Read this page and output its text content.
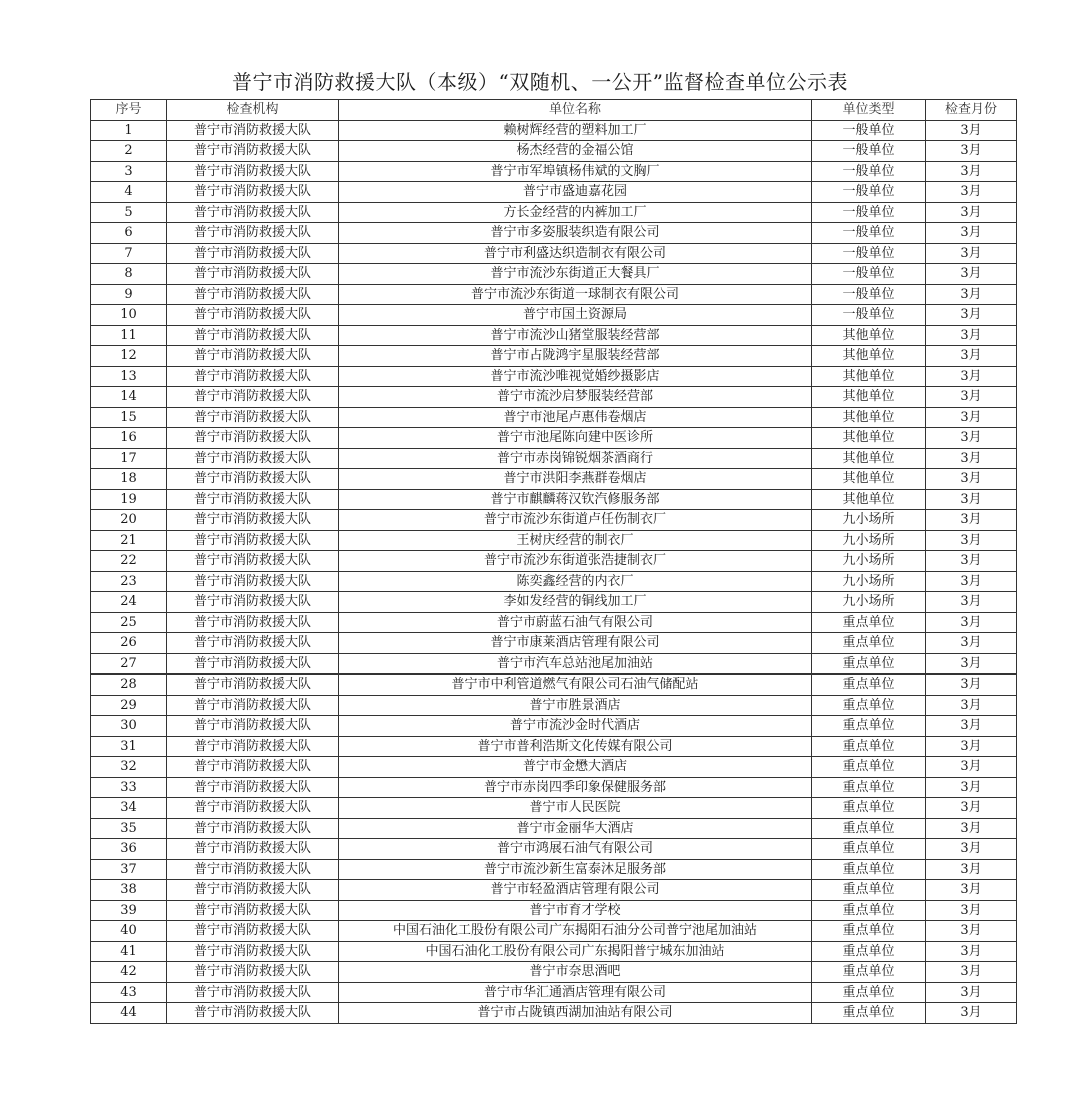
普宁市消防救援大队（本级）“双随机、一公开”监督检查单位公示表
序号	检查机构	单位名称	单位类型	检查月份
1	普宁市消防救援大队	赖树辉经营的塑料加工厂	一般单位	3月
2	普宁市消防救援大队	杨杰经营的金福公馆	一般单位	3月
3	普宁市消防救援大队	普宁市军埠镇杨伟斌的文胸厂	一般单位	3月
4	普宁市消防救援大队	普宁市盛迪嘉花园	一般单位	3月
5	普宁市消防救援大队	方长金经营的内裤加工厂	一般单位	3月
6	普宁市消防救援大队	普宁市多姿服装织造有限公司	一般单位	3月
7	普宁市消防救援大队	普宁市利盛达织造制衣有限公司	一般单位	3月
8	普宁市消防救援大队	普宁市流沙东街道正大餐具厂	一般单位	3月
9	普宁市消防救援大队	普宁市流沙东街道一球制衣有限公司	一般单位	3月
10	普宁市消防救援大队	普宁市国土资源局	一般单位	3月
11	普宁市消防救援大队	普宁市流沙山猪堂服装经营部	其他单位	3月
12	普宁市消防救援大队	普宁市占陇鸿宇星服装经营部	其他单位	3月
13	普宁市消防救援大队	普宁市流沙唯视觉婚纱摄影店	其他单位	3月
14	普宁市消防救援大队	普宁市流沙启梦服装经营部	其他单位	3月
15	普宁市消防救援大队	普宁市池尾卢惠伟卷烟店	其他单位	3月
16	普宁市消防救援大队	普宁市池尾陈向建中医诊所	其他单位	3月
17	普宁市消防救援大队	普宁市赤岗锦锐烟茶酒商行	其他单位	3月
18	普宁市消防救援大队	普宁市洪阳李燕群卷烟店	其他单位	3月
19	普宁市消防救援大队	普宁市麒麟蒋汉钦汽修服务部	其他单位	3月
20	普宁市消防救援大队	普宁市流沙东街道卢任伤制衣厂	九小场所	3月
21	普宁市消防救援大队	王树庆经营的制衣厂	九小场所	3月
22	普宁市消防救援大队	普宁市流沙东街道张浩捷制衣厂	九小场所	3月
23	普宁市消防救援大队	陈奕鑫经营的内衣厂	九小场所	3月
24	普宁市消防救援大队	李如发经营的铜线加工厂	九小场所	3月
25	普宁市消防救援大队	普宁市蔚蓝石油气有限公司	重点单位	3月
26	普宁市消防救援大队	普宁市康莱酒店管理有限公司	重点单位	3月
27	普宁市消防救援大队	普宁市汽车总站池尾加油站	重点单位	3月
28	普宁市消防救援大队	普宁市中利管道燃气有限公司石油气储配站	重点单位	3月
29	普宁市消防救援大队	普宁市胜景酒店	重点单位	3月
30	普宁市消防救援大队	普宁市流沙金时代酒店	重点单位	3月
31	普宁市消防救援大队	普宁市普利浩斯文化传媒有限公司	重点单位	3月
32	普宁市消防救援大队	普宁市金懋大酒店	重点单位	3月
33	普宁市消防救援大队	普宁市赤岗四季印象保健服务部	重点单位	3月
34	普宁市消防救援大队	普宁市人民医院	重点单位	3月
35	普宁市消防救援大队	普宁市金丽华大酒店	重点单位	3月
36	普宁市消防救援大队	普宁市鸿展石油气有限公司	重点单位	3月
37	普宁市消防救援大队	普宁市流沙新生富泰沐足服务部	重点单位	3月
38	普宁市消防救援大队	普宁市轻盈酒店管理有限公司	重点单位	3月
39	普宁市消防救援大队	普宁市育才学校	重点单位	3月
40	普宁市消防救援大队	中国石油化工股份有限公司广东揭阳石油分公司普宁池尾加油站	重点单位	3月
41	普宁市消防救援大队	中国石油化工股份有限公司广东揭阳普宁城东加油站	重点单位	3月
42	普宁市消防救援大队	普宁市奈思酒吧	重点单位	3月
43	普宁市消防救援大队	普宁市华汇通酒店管理有限公司	重点单位	3月
44	普宁市消防救援大队	普宁市占陇镇西湖加油站有限公司	重点单位	3月
